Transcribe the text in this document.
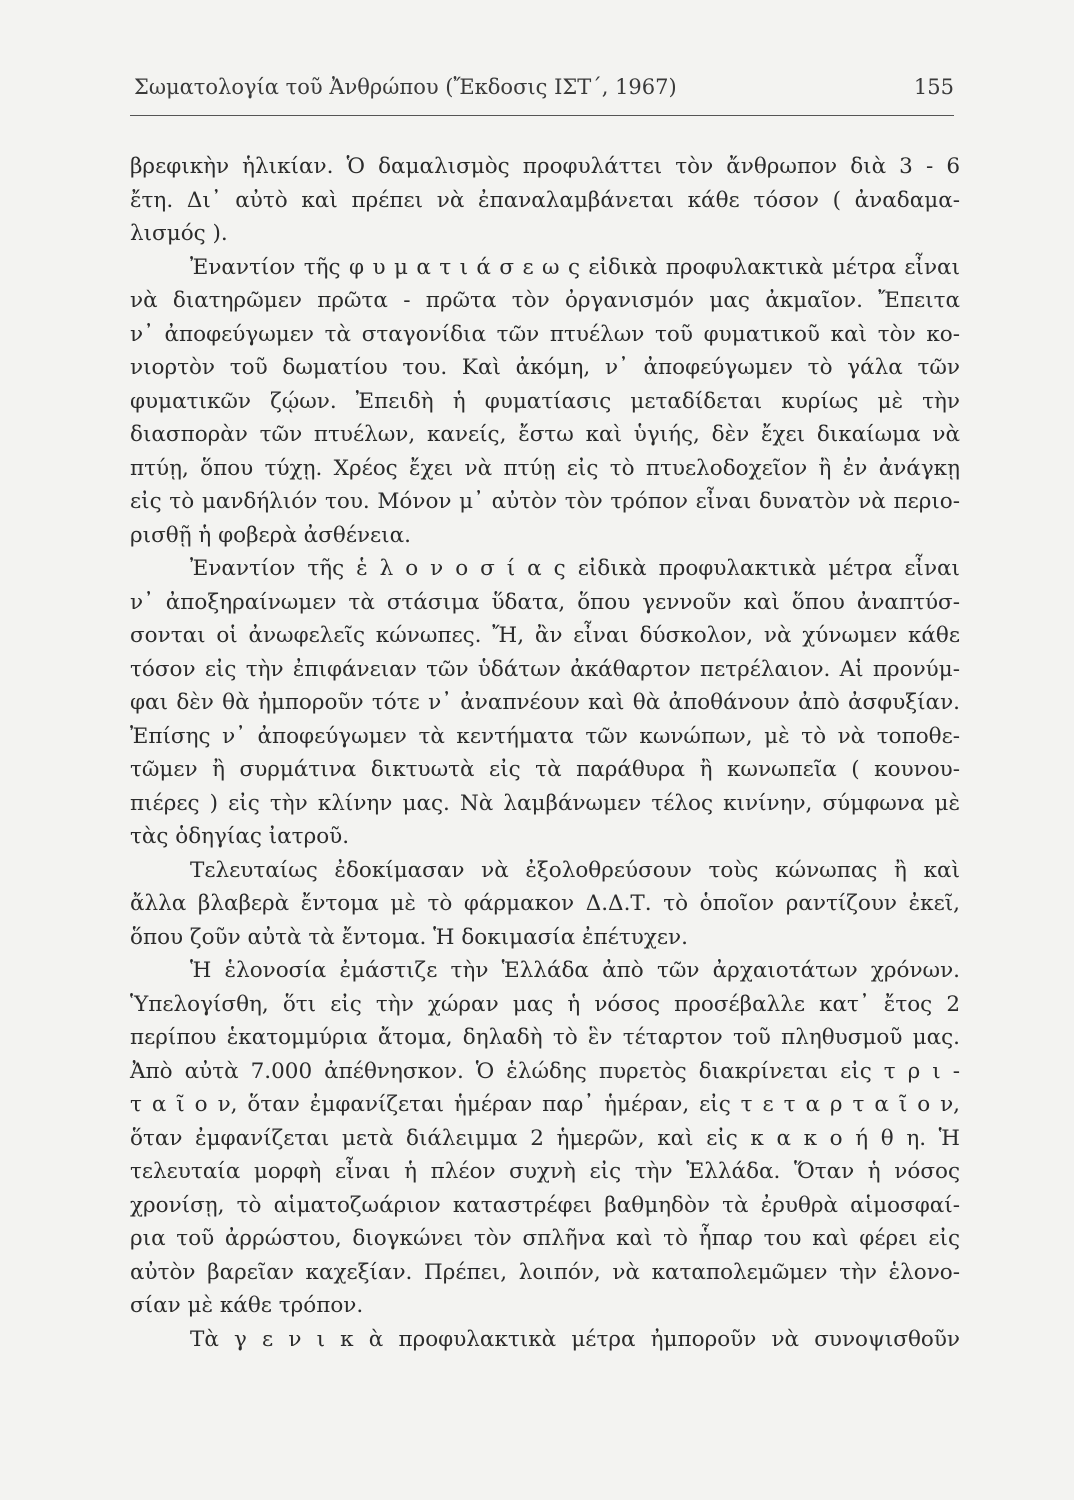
Σωματολογία τοῦ Ἀνθρώπου (Ἔκδοσις ΙΣΤ΄, 1967)	155
βρεφικὴν ἡλικίαν. Ὁ δαμαλισμὸς προφυλάττει τὸν ἄνθρωπον διὰ 3 - 6
ἔτη. Δι᾽ αὐτὸ καὶ πρέπει νὰ ἐπαναλαμβάνεται κάθε τόσον ( ἀναδαμα-
λισμός ).
Ἐναντίον τῆς φ υ μ α τ ι ά σ ε ω ς εἰδικὰ προφυλακτικὰ μέτρα εἶναι
νὰ διατηρῶμεν πρῶτα - πρῶτα τὸν ὀργανισμόν μας ἀκμαῖον. Ἔπειτα
ν᾽ ἀποφεύγωμεν τὰ σταγονίδια τῶν πτυέλων τοῦ φυματικοῦ καὶ τὸν κο-
νιορτὸν τοῦ δωματίου του. Καὶ ἀκόμη, ν᾽ ἀποφεύγωμεν τὸ γάλα τῶν
φυματικῶν ζῴων. Ἐπειδὴ ἡ φυματίασις μεταδίδεται κυρίως μὲ τὴν
διασπορὰν τῶν πτυέλων, κανείς, ἔστω καὶ ὑγιής, δὲν ἔχει δικαίωμα νὰ
πτύῃ, ὅπου τύχῃ. Χρέος ἔχει νὰ πτύῃ εἰς τὸ πτυελοδοχεῖον ἢ ἐν ἀνάγκῃ
εἰς τὸ μανδήλιόν του. Μόνον μ᾽ αὐτὸν τὸν τρόπον εἶναι δυνατὸν νὰ περιο-
ρισθῇ ἡ φοβερὰ ἀσθένεια.
Ἐναντίον τῆς ἑ λ ο ν ο σ ί α ς εἰδικὰ προφυλακτικὰ μέτρα εἶναι
ν᾽ ἀποξηραίνωμεν τὰ στάσιμα ὕδατα, ὅπου γεννοῦν καὶ ὅπου ἀναπτύσ-
σονται οἱ ἀνωφελεῖς κώνωπες. Ἤ, ἂν εἶναι δύσκολον, νὰ χύνωμεν κάθε
τόσον εἰς τὴν ἐπιφάνειαν τῶν ὑδάτων ἀκάθαρτον πετρέλαιον. Αἱ προνύμ-
φαι δὲν θὰ ἠμποροῦν τότε ν᾽ ἀναπνέουν καὶ θὰ ἀποθάνουν ἀπὸ ἀσφυξίαν.
Ἐπίσης ν᾽ ἀποφεύγωμεν τὰ κεντήματα τῶν κωνώπων, μὲ τὸ νὰ τοποθε-
τῶμεν ἢ συρμάτινα δικτυωτὰ εἰς τὰ παράθυρα ἢ κωνωπεῖα ( κουνου-
πιέρες ) εἰς τὴν κλίνην μας. Νὰ λαμβάνωμεν τέλος κινίνην, σύμφωνα μὲ
τὰς ὁδηγίας ἰατροῦ.
Τελευταίως ἐδοκίμασαν νὰ ἐξολοθρεύσουν τοὺς κώνωπας ἢ καὶ
ἄλλα βλαβερὰ ἔντομα μὲ τὸ φάρμακον Δ.Δ.Τ. τὸ ὁποῖον ραντίζουν ἐκεῖ,
ὅπου ζοῦν αὐτὰ τὰ ἔντομα. Ἡ δοκιμασία ἐπέτυχεν.
Ἡ ἑλονοσία ἐμάστιζε τὴν Ἑλλάδα ἀπὸ τῶν ἀρχαιοτάτων χρόνων.
Ὑπελογίσθη, ὅτι εἰς τὴν χώραν μας ἡ νόσος προσέβαλλε κατ᾽ ἔτος 2
περίπου ἑκατομμύρια ἄτομα, δηλαδὴ τὸ ἓν τέταρτον τοῦ πληθυσμοῦ μας.
Ἀπὸ αὐτὰ 7.000 ἀπέθνησκον. Ὁ ἑλώδης πυρετὸς διακρίνεται εἰς τ ρ ι -
τ α ῖ ο ν, ὅταν ἐμφανίζεται ἡμέραν παρ᾽ ἡμέραν, εἰς τ ε τ α ρ τ α ῖ ο ν,
ὅταν ἐμφανίζεται μετὰ διάλειμμα 2 ἡμερῶν, καὶ εἰς κ α κ ο ή θ η. Ἡ
τελευταία μορφὴ εἶναι ἡ πλέον συχνὴ εἰς τὴν Ἑλλάδα. Ὅταν ἡ νόσος
χρονίσῃ, τὸ αἱματοζωάριον καταστρέφει βαθμηδὸν τὰ ἐρυθρὰ αἱμοσφαί-
ρια τοῦ ἀρρώστου, διογκώνει τὸν σπλῆνα καὶ τὸ ἧπαρ του καὶ φέρει εἰς
αὐτὸν βαρεῖαν καχεξίαν. Πρέπει, λοιπόν, νὰ καταπολεμῶμεν τὴν ἑλονο-
σίαν μὲ κάθε τρόπον.
Τὰ γ ε ν ι κ ὰ προφυλακτικὰ μέτρα ἠμποροῦν νὰ συνοψισθοῦν
